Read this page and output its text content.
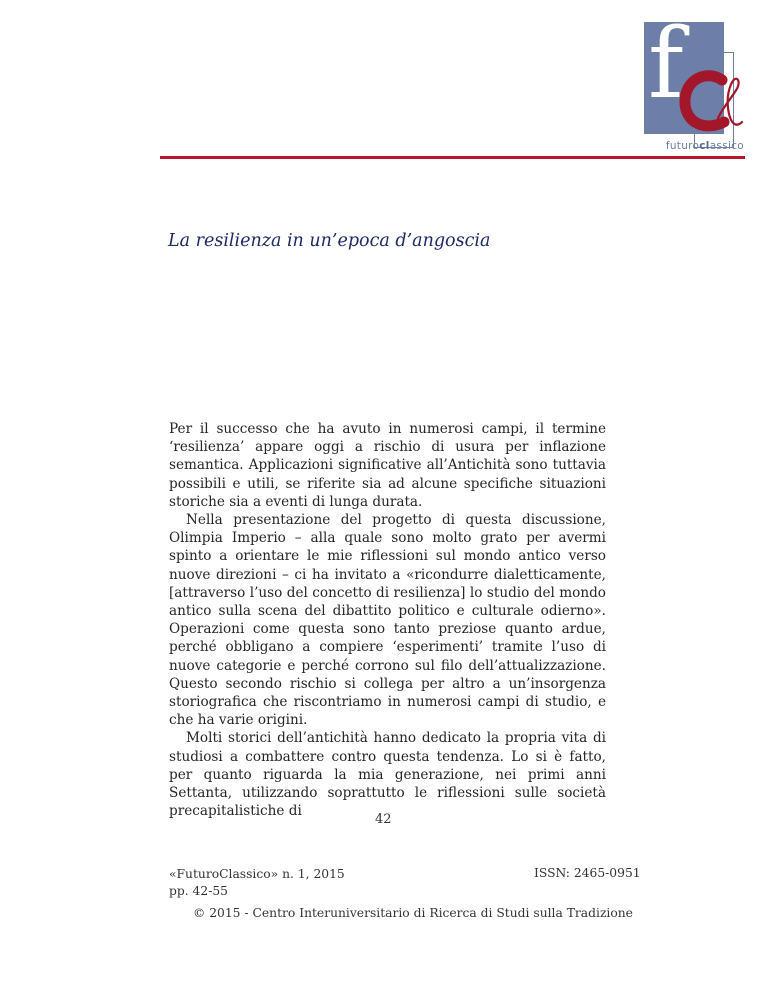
f
futuroclassico
La resilienza in un’epoca d’angoscia

Per il successo che ha avuto in numerosi campi, il termine ‘resilienza’ appare oggi a rischio di usura per inflazione semantica. Applicazioni significative all’Antichità sono tuttavia possibili e utili, se riferite sia ad alcune specifiche situazioni storiche sia a eventi di lunga durata.

Nella presentazione del progetto di questa discussione, Olimpia Imperio – alla quale sono molto grato per avermi spinto a orientare le mie riflessioni sul mondo antico verso nuove direzioni – ci ha invitato a «ricondurre dialetticamente, [attraverso l’uso del concetto di resilienza] lo studio del mondo antico sulla scena del dibattito politico e culturale odierno». Operazioni come questa sono tanto preziose quanto ardue, perché obbligano a compiere ‘esperimenti’ tramite l’uso di nuove categorie e perché corrono sul filo dell’attualizzazione. Questo secondo rischio si collega per altro a un’insorgenza storiografica che riscontriamo in numerosi campi di studio, e che ha varie origini.

Molti storici dell’antichità hanno dedicato la propria vita di studiosi a combattere contro questa tendenza. Lo si è fatto, per quanto riguarda la mia generazione, nei primi anni Settanta, utilizzando soprattutto le riflessioni sulle società precapitalistiche di

42
«FuturoClassico» n. 1, 2015
pp. 42-55
ISSN: 2465-0951
© 2015 - Centro Interuniversitario di Ricerca di Studi sulla Tradizione
